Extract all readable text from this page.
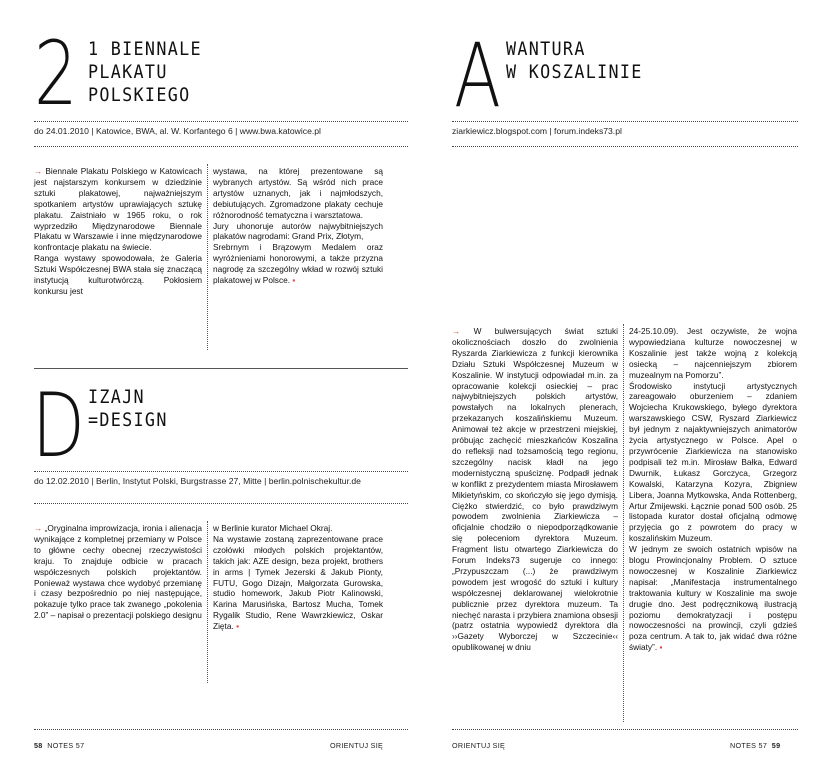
2 1 BIENNALE
PLAKATU
POLSKIEGO
do 24.01.2010 | Katowice, BWA, al. W. Korfantego 6 | www.bwa.katowice.pl
→ Biennale Plakatu Polskiego w Katowicach jest najstarszym konkursem w dziedzinie sztuki plakatowej, najważniejszym spotkaniem artystów uprawiających sztukę plakatu. Zaistniało w 1965 roku, o rok wyprzedziło Międzynarodowe Biennale Plakatu w Warszawie i inne międzynarodowe konfrontacje plakatu na świecie.
Ranga wystawy spowodowała, że Galeria Sztuki Współczesnej BWA stała się znaczącą instytucją kulturotwórczą. Pokłosiem konkursu jest
wystawa, na której prezentowane są wybranych artystów. Są wśród nich prace artystów uznanych, jak i najmłodszych, debiutujących. Zgromadzone plakaty cechuje różnorodność tematyczna i warsztatowa.
Jury uhonoruje autorów najwybitniejszych plakatów nagrodami: Grand Prix, Złotym,
Srebrnym i Brązowym Medalem oraz wyróżnieniami honorowymi, a także przyzna nagrodę za szczególny wkład w rozwój sztuki plakatowej w Polsce. ▪
D IZAJN
=DESIGN
do 12.02.2010 | Berlin, Instytut Polski, Burgstrasse 27, Mitte | berlin.polnischekultur.de
→ „Oryginalna improwizacja, ironia i alienacja wynikające z kompletnej przemiany w Polsce to główne cechy obecnej rzeczywistości kraju. To znajduje odbicie w pracach współczesnych polskich projektantów. Ponieważ wystawa chce wydobyć przemianę i czasy bezpośrednio po niej następujące, pokazuje tylko prace tak zwanego „pokolenia 2.0” – napisał o prezentacji polskiego designu
w Berlinie kurator Michael Okraj.
Na wystawie zostaną zaprezentowane prace czołówki młodych polskich projektantów, takich jak: AZE design, beza projekt, brothers in arms | Tymek Jezerski & Jakub Pionty, FUTU, Gogo Dizajn, Małgorzata Gurowska, studio homework, Jakub Piotr Kalinowski, Karina Marusińska, Bartosz Mucha, Tomek Rygalik Studio, Rene Wawrzkiewicz, Oskar Zięta. ▪
58 NOTES 57	ORIENTUJ SIĘ
A WANTURA
W KOSZALINIE
ziarkiewicz.blogspot.com | forum.indeks73.pl
→ W bulwersujących świat sztuki okolicznościach doszło do zwolnienia Ryszarda Ziarkiewicza z funkcji kierownika Działu Sztuki Współczesnej Muzeum w Koszalinie. W instytucji odpowiadał m.in. za opracowanie kolekcji osieckiej – prac najwybitniejszych polskich artystów, powstałych na lokalnych plenerach, przekazanych koszalińskiemu Muzeum. Animował też akcje w przestrzeni miejskiej, próbując zachęcić mieszkańców Koszalina do refleksji nad tożsamością tego regionu, szczególny nacisk kładł na jego modernistyczną spuściznę. Podpadł jednak w konflikt z prezydentem miasta Mirosławem Mikietyńskim, co skończyło się jego dymisją. Ciężko stwierdzić, co było prawdziwym powodem zwolnienia Ziarkiewicza – oficjalnie chodziło o niepodporządkowanie się poleceniom dyrektora Muzeum. Fragment listu otwartego Ziarkiewicza do Forum Indeks73 sugeruje co innego: „Przypuszczam (...) że prawdziwym powodem jest wrogość do sztuki i kultury współczesnej deklarowanej wielokrotnie publicznie przez dyrektora muzeum. Ta niechęć narasta i przybiera znamiona obsesji (patrz ostatnia wypowiedź dyrektora dla ››Gazety Wyborczej w Szczecinie‹‹ opublikowanej w dniu
24-25.10.09). Jest oczywiste, że wojna wypowiedziana kulturze nowoczesnej w Koszalinie jest także wojną z kolekcją osiecką – najcenniejszym zbiorem muzealnym na Pomorzu”.
Środowisko instytucji artystycznych zareagowało oburzeniem – zdaniem Wojciecha Krukowskiego, byłego dyrektora warszawskiego CSW, Ryszard Ziarkiewicz był jednym z najaktywniejszych animatorów życia artystycznego w Polsce. Apel o przywrócenie Ziarkiewicza na stanowisko podpisali też m.in. Mirosław Bałka, Edward Dwurnik, Łukasz Gorczyca, Grzegorz Kowalski, Katarzyna Kozyra, Zbigniew Libera, Joanna Mytkowska, Anda Rottenberg, Artur Żmijewski. Łącznie ponad 500 osób. 25 listopada kurator dostał oficjalną odmowę przyjęcia go z powrotem do pracy w koszalińskim Muzeum.
W jednym ze swoich ostatnich wpisów na blogu Prowincjonalny Problem. O sztuce nowoczesnej w Koszalinie Ziarkiewicz napisał: „Manifestacja instrumentalnego traktowania kultury w Koszalinie ma swoje drugie dno. Jest podręcznikową ilustracją poziomu demokratyzacji i postępu nowoczesności na prowincji, czyli gdzieś poza centrum. A tak to, jak widać dwa różne światy”. ▪
ORIENTUJ SIĘ	NOTES 57 59
